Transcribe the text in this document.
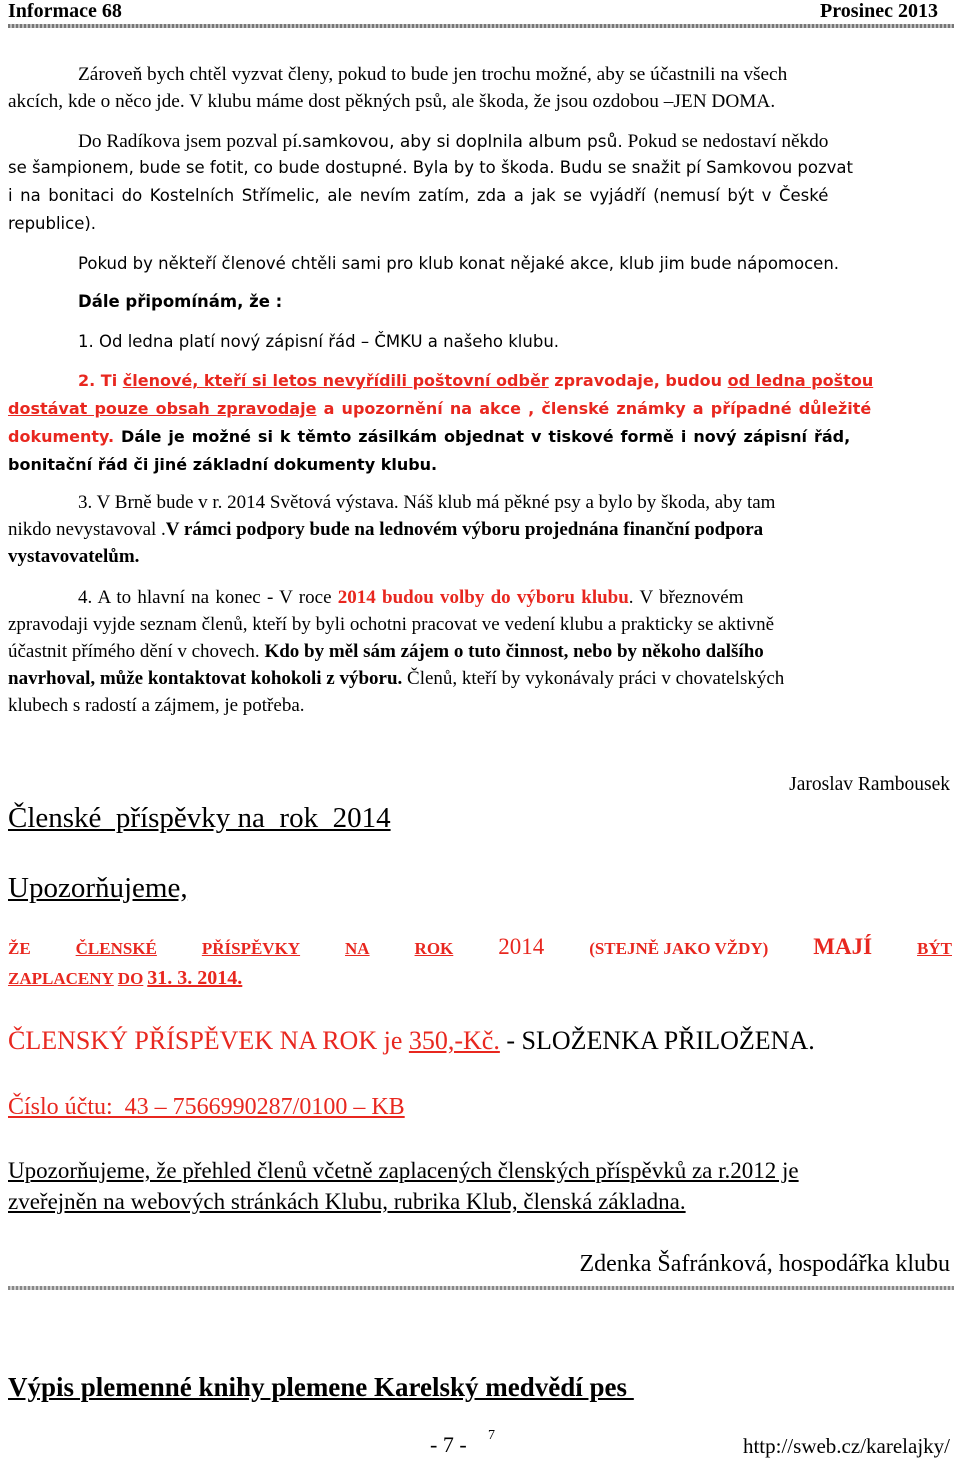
Informace 68	Prosinec 2013
Zároveň bych chtěl vyzvat členy, pokud to bude jen trochu možné, aby se účastnili na všech
akcích, kde o něco jde. V klubu máme dost pěkných psů, ale škoda, že jsou ozdobou –JEN DOMA.
Do Radíkova jsem pozval pí.samkovou, aby si doplnila album psů. Pokud se nedostaví někdo
se šampionem, bude se fotit, co bude dostupné. Byla by to škoda. Budu se snažit pí Samkovou pozvat
i na bonitaci do Kostelních Střímelic, ale nevím zatím, zda a jak se vyjádří (nemusí být v České
republice).
Pokud by někteří členové chtěli sami pro klub konat nějaké akce, klub jim bude nápomocen.
Dále připomínám, že :
1. Od ledna platí nový zápisní řád – ČMKU a našeho klubu.
2. Ti členové, kteří si letos nevyřídili poštovní odběr zpravodaje, budou od ledna poštou
dostávat pouze obsah zpravodaje a upozornění na akce , členské známky a případné důležité
dokumenty. Dále je možné si k těmto zásilkám objednat v tiskové formě i nový zápisní řád,
bonitační řád či jiné základní dokumenty klubu.
3. V Brně bude v r. 2014 Světová výstava. Náš klub má pěkné psy a bylo by škoda, aby tam
nikdo nevystavoval .V rámci podpory bude na lednovém výboru projednána finanční podpora
vystavovatelům.
4. A to hlavní na konec - V roce 2014 budou volby do výboru klubu. V březnovém
zpravodaji vyjde seznam členů, kteří by byli ochotni pracovat ve vedení klubu a prakticky se aktivně
účastnit přímého dění v chovech. Kdo by měl sám zájem o tuto činnost, nebo by někoho dalšího
navrhoval, může kontaktovat kohokoli z výboru. Členů, kteří by vykonávaly práci v chovatelských
klubech s radostí a zájmem, je potřeba.
Jaroslav Rambousek
Členské  příspěvky na  rok  2014
Upozorňujeme,
ŽE	ČLENSKÉ	PŘÍSPĚVKY	NA	ROK 2014	(STEJNĚ JAKO VŽDY) MAJÍ	BÝT
ZAPLACENY DO 31. 3. 2014.
ČLENSKÝ PŘÍSPĚVEK NA ROK je 350,-Kč. - SLOŽENKA PŘILOŽENA.
Číslo účtu:  43 – 7566990287/0100 – KB
Upozorňujeme, že přehled členů včetně zaplacených členských příspěvků za r.2012 je
zveřejněn na webových stránkách Klubu, rubrika Klub, členská základna.
Zdenka Šafránková, hospodářka klubu
Výpis plemenné knihy plemene Karelský medvědí pes
- 7 - 7	http://sweb.cz/karelajky/
